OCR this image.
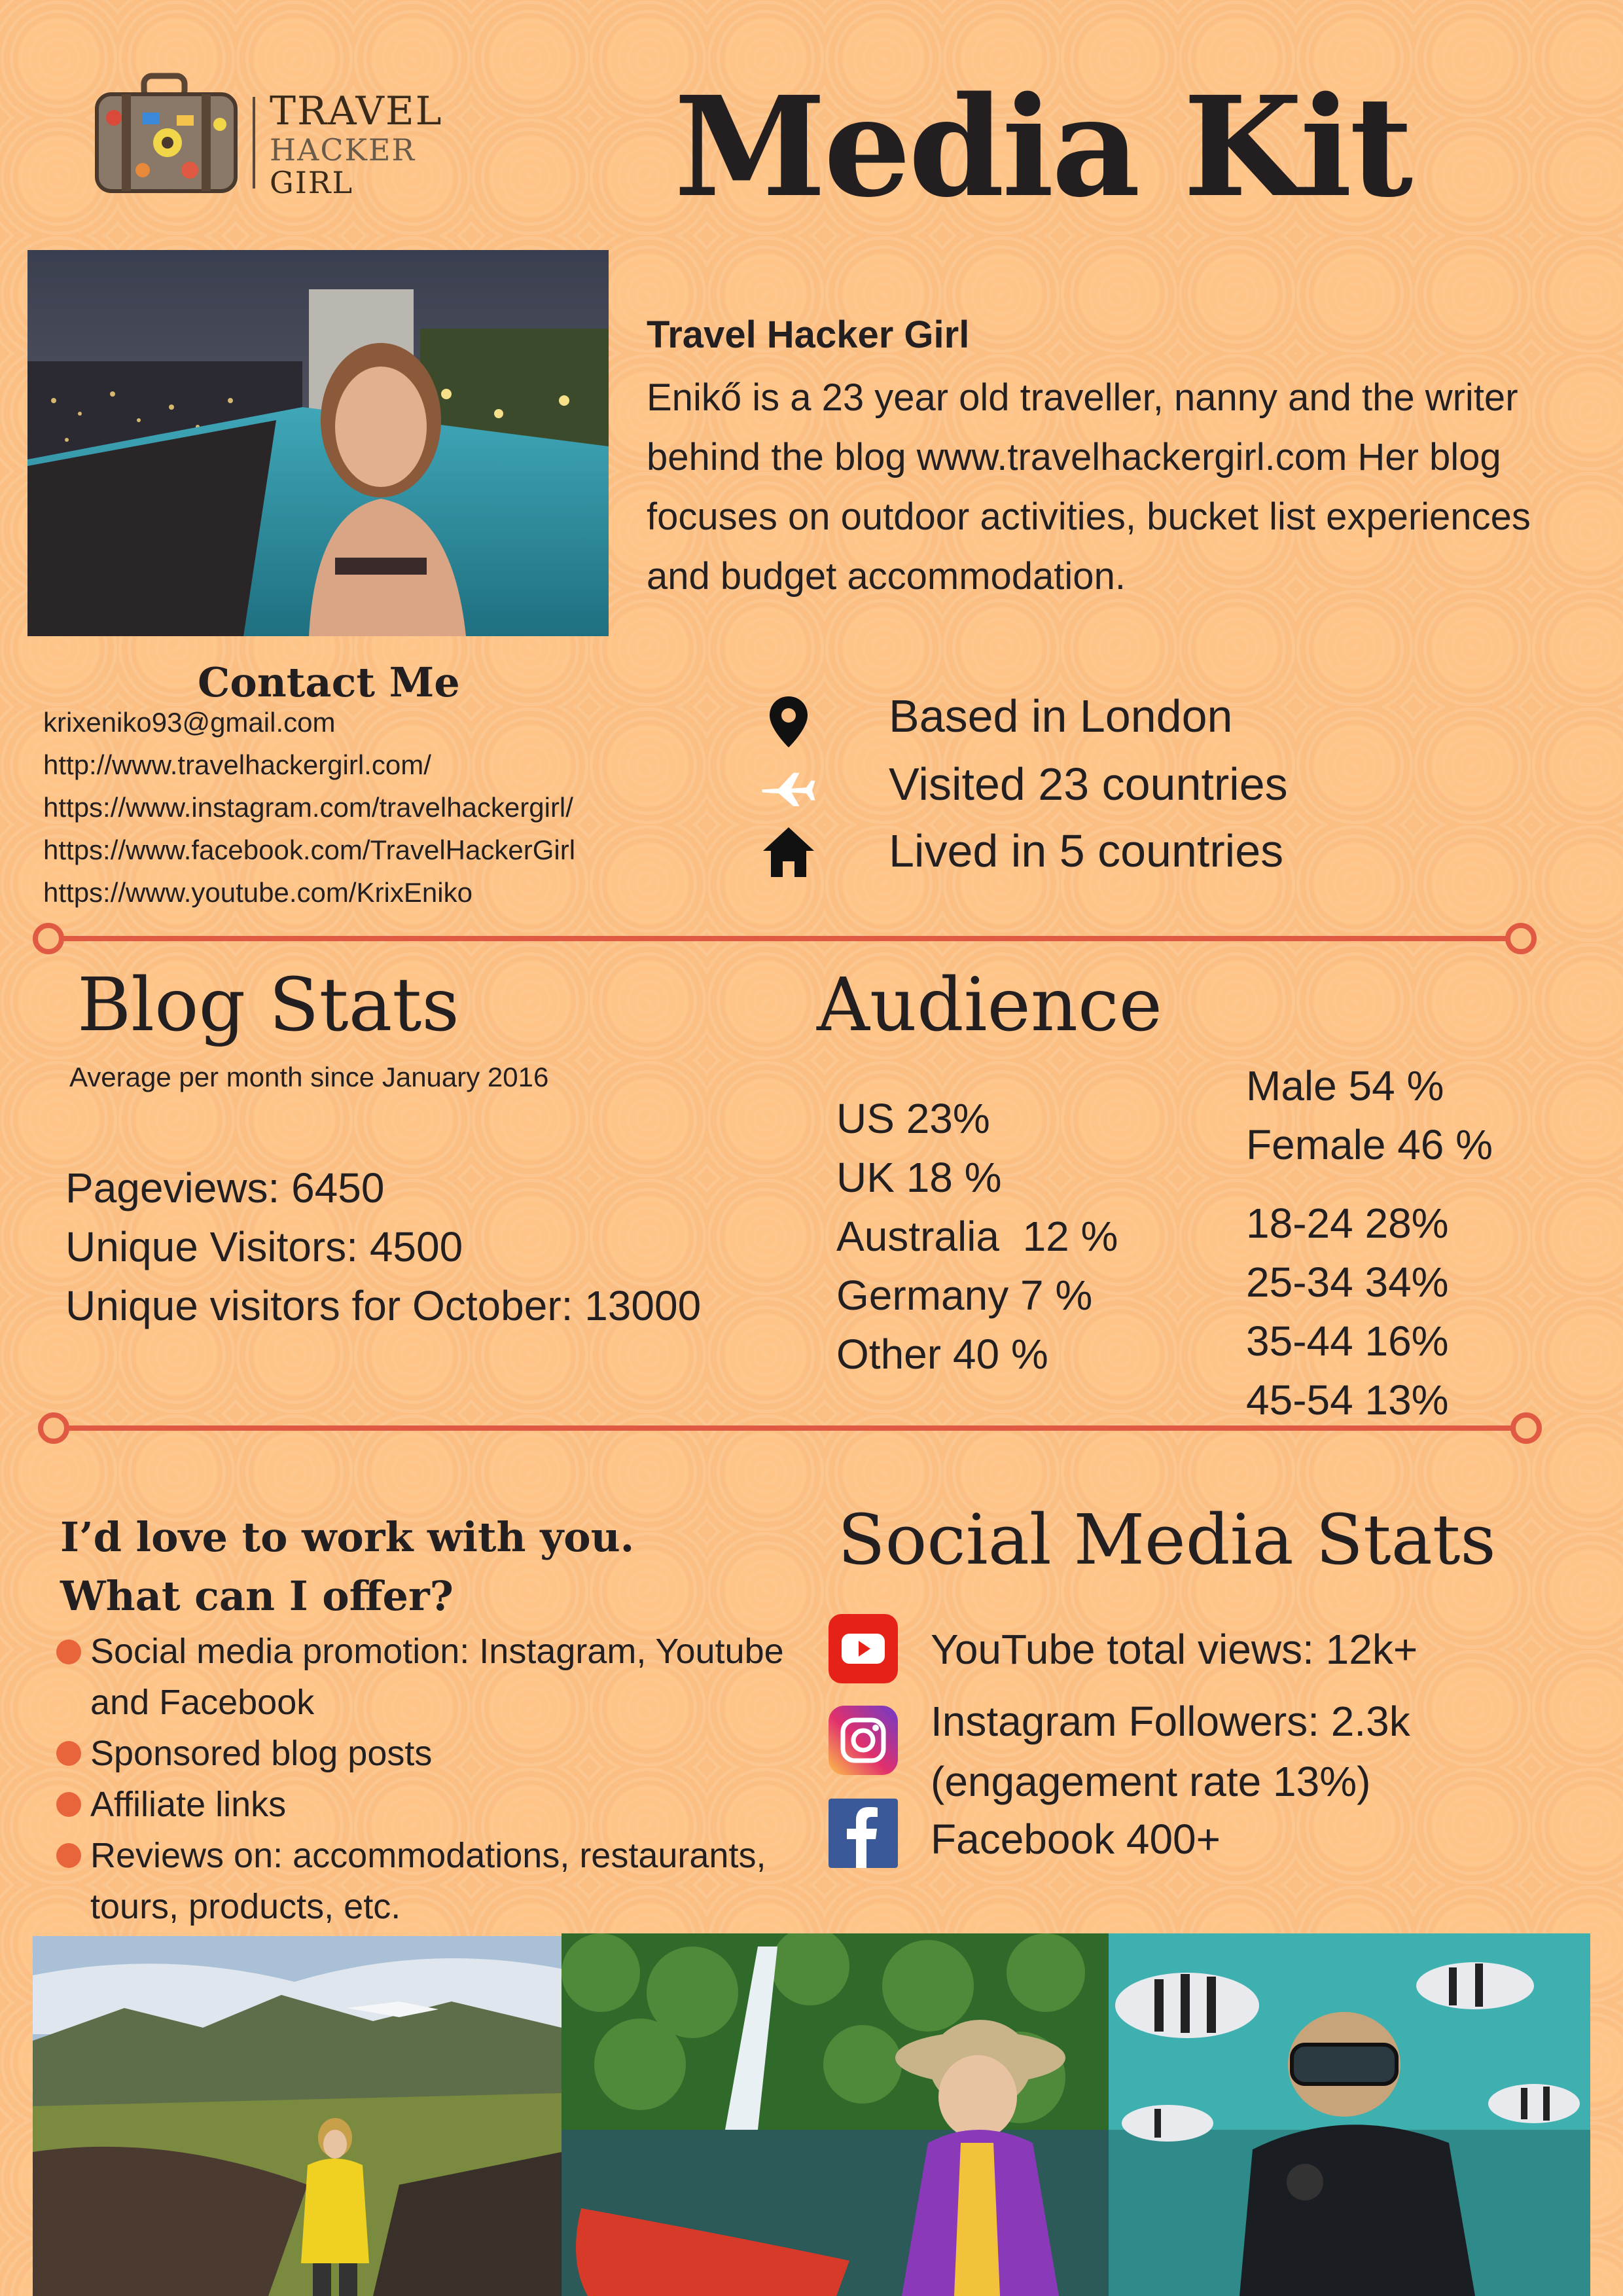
TRAVEL
HACKER
GIRL	Media Kit
Travel Hacker Girl
Enikő is a 23 year old traveller, nanny and the writer behind the blog www.travelhackergirl.com Her blog focuses on outdoor activities, bucket list experiences and budget accommodation.
Contact Me
krixeniko93@gmail.com
http://www.travelhackergirl.com/
https://www.instagram.com/travelhackergirl/
https://www.facebook.com/TravelHackerGirl
https://www.youtube.com/KrixEniko
Based in London
Visited 23 countries
Lived in 5 countries
Blog Stats
Average per month since January 2016
Pageviews: 6450
Unique Visitors: 4500
Unique visitors for October: 13000
Audience
US 23%
UK 18 %
Australia  12 %
Germany 7 %
Other 40 %
Male 54 %
Female 46 %
18-24 28%
25-34 34%
35-44 16%
45-54 13%
I’d love to work with you.
What can I offer?
Social media promotion: Instagram, Youtube and Facebook
Sponsored blog posts
Affiliate links
Reviews on: accommodations, restaurants, tours, products, etc.
Social Media Stats
YouTube total views: 12k+
Instagram Followers: 2.3k (engagement rate 13%)
Facebook 400+
